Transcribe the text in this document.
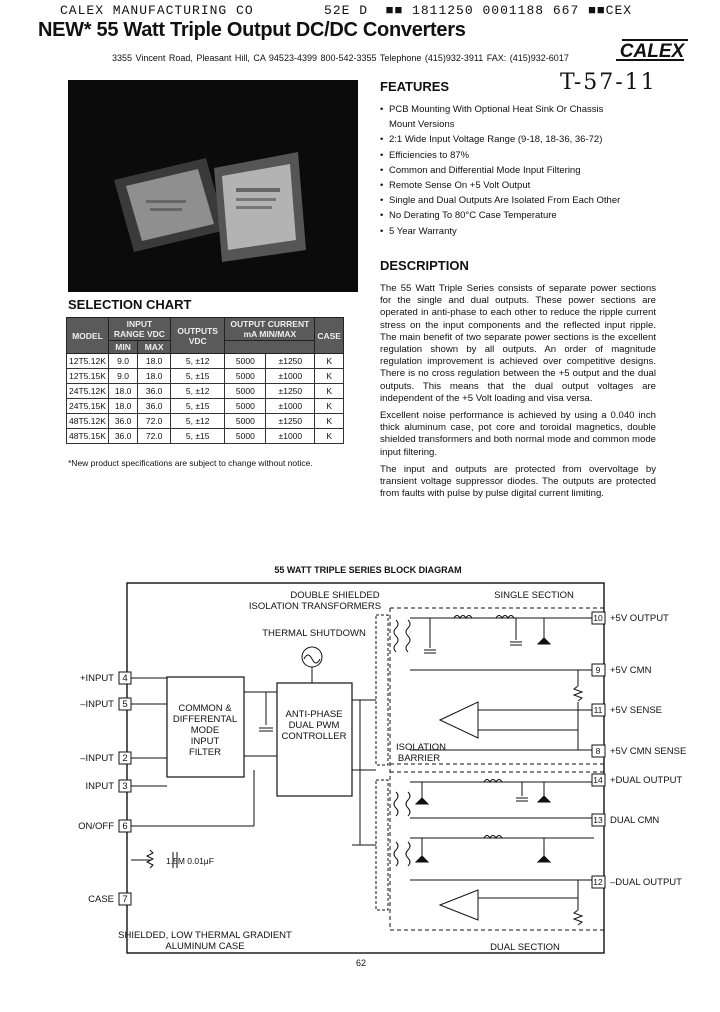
CALEX MANUFACTURING CO        52E D  ■■ 1811250 0001188 667 ■■CEX
NEW* 55 Watt Triple Output DC/DC Converters
3355 Vincent Road, Pleasant Hill, CA 94523-4399 800-542-3355 Telephone (415)932-3911 FAX: (415)932-6017	CALEX
T-57-11
FEATURES
• PCB Mounting With Optional Heat Sink Or Chassis
Mount Versions
• 2:1 Wide Input Voltage Range (9-18, 18-36, 36-72)
• Efficiencies to 87%
• Common and Differential Mode Input Filtering
• Remote Sense On +5 Volt Output
• Single and Dual Outputs Are Isolated From Each Other
• No Derating To 80°C Case Temperature
• 5 Year Warranty
DESCRIPTION

The 55 Watt Triple Series consists of separate power sections for the single and dual outputs. These power sections are operated in anti-phase to each other to reduce the ripple current stress on the input components and the reflected input ripple. The main benefit of two separate power sections is the excellent regulation shown by all outputs. An order of magnitude regulation improvement is achieved over competitive designs. There is no cross regulation between the +5 output and the dual outputs. This means that the dual output voltages are independent of the +5 Volt loading and visa versa.

Excellent noise performance is achieved by using a 0.040 inch thick aluminum case, pot core and toroidal magnetics, double shielded transformers and both normal mode and common mode input filtering.

The input and outputs are protected from overvoltage by transient voltage suppressor diodes. The outputs are protected from faults with pulse by pulse digital current limiting.

SELECTION CHART
MODEL	INPUT RANGE VDC		OUTPUTS VDC	OUTPUT CURRENT mA MIN/MAX		CASE
	MIN	MAX				
12T5.12K	9.0	18.0	5, ±12	5000	±1250	K
12T5.15K	9.0	18.0	5, ±15	5000	±1000	K
24T5.12K	18.0	36.0	5, ±12	5000	±1250	K
24T5.15K	18.0	36.0	5, ±15	5000	±1000	K
48T5.12K	36.0	72.0	5, ±12	5000	±1250	K
48T5.15K	36.0	72.0	5, ±15	5000	±1000	K
*New product specifications are subject to change without notice.
55 WATT TRIPLE SERIES BLOCK DIAGRAM
DOUBLE SHIELDED
ISOLATION TRANSFORMERS
SINGLE SECTION
THERMAL SHUTDOWN
COMMON &
DIFFERENTAL
MODE
INPUT
FILTER
ANTI-PHASE
DUAL PWM
CONTROLLER
ISOLATION
BARRIER
4
+INPUT
5
–INPUT
2
–INPUT
3
INPUT
6
ON/OFF
7
CASE
1.5M 0.01μF
10 +5V OUTPUT
9 +5V CMN
11 +5V SENSE
8 +5V CMN SENSE
14 +DUAL OUTPUT
13 DUAL CMN
12 –DUAL OUTPUT
SHIELDED, LOW THERMAL GRADIENT
ALUMINUM CASE	DUAL SECTION
62
